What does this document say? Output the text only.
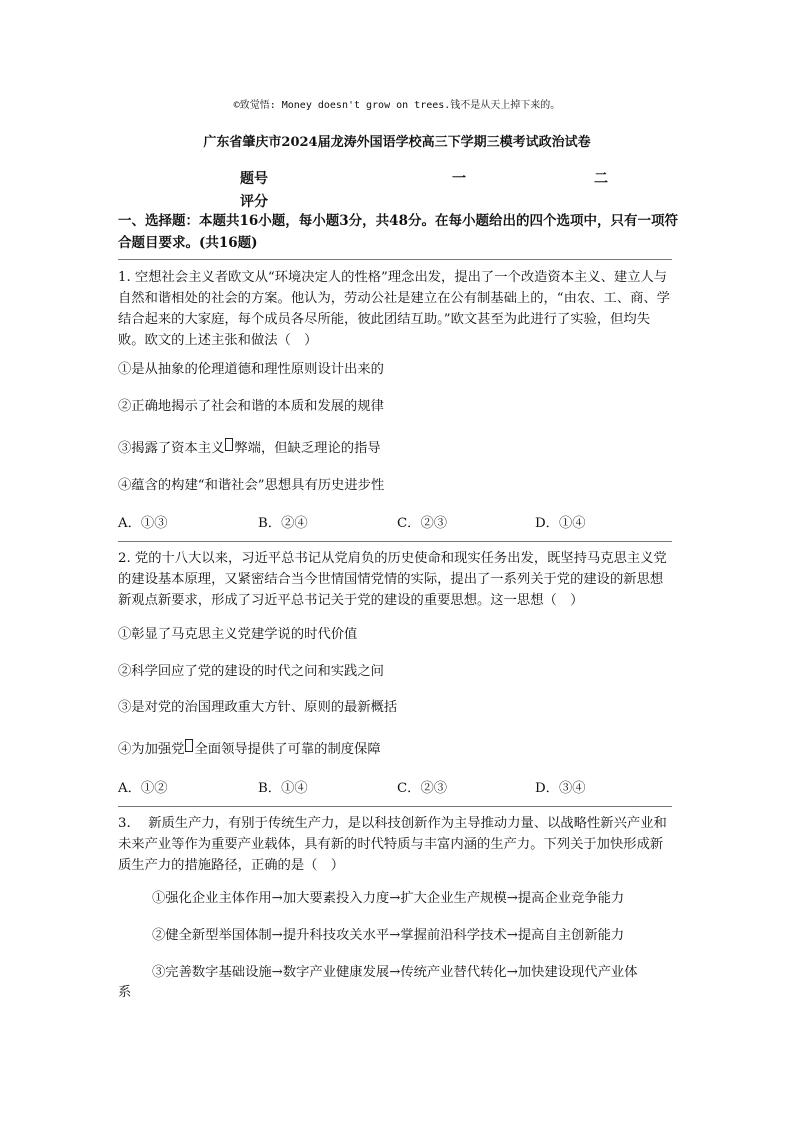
©致觉悟: Money doesn't grow on trees.钱不是从天上掉下来的。
广东省肇庆市2024届龙涛外国语学校高三下学期三模考试政治试卷
题号	一	二
评分
一、选择题：本题共16小题，每小题3分，共48分。在每小题给出的四个选项中，只有一项符合题目要求。(共16题)

1. 空想社会主义者欧文从“环境决定人的性格”理念出发，提出了一个改造资本主义、建立人与自然和谐相处的社会的方案。他认为，劳动公社是建立在公有制基础上的，“由农、工、商、学结合起来的大家庭，每个成员各尽所能，彼此团结互助。”欧文甚至为此进行了实验，但均失败。欧文的上述主张和做法（　）

①是从抽象的伦理道德和理性原则设计出来的
②正确地揭示了社会和谐的本质和发展的规律
③揭露了资本主义 弊端，但缺乏理论的指导
④蕴含的构建“和谐社会”思想具有历史进步性
A．①③	B．②④	C．②③	D．①④

2. 党的十八大以来，习近平总书记从党肩负的历史使命和现实任务出发，既坚持马克思主义党的建设基本原理，又紧密结合当今世情国情党情的实际，提出了一系列关于党的建设的新思想新观点新要求，形成了习近平总书记关于党的建设的重要思想。这一思想（　）

①彰显了马克思主义党建学说的时代价值
②科学回应了党的建设的时代之问和实践之问
③是对党的治国理政重大方针、原则的最新概括
④为加强党 全面领导提供了可靠的制度保障
A．①②	B．①④	C．②③	D．③④

3.　 新质生产力，有别于传统生产力，是以科技创新作为主导推动力量、以战略性新兴产业和未来产业等作为重要产业载体，具有新的时代特质与丰富内涵的生产力。下列关于加快形成新质生产力的措施路径，正确的是（　）

①强化企业主体作用→加大要素投入力度→扩大企业生产规模→提高企业竞争能力
②健全新型举国体制→提升科技攻关水平→掌握前沿科学技术→提高自主创新能力
③完善数字基础设施→数字产业健康发展→传统产业替代转化→加快建设现代产业体
系
